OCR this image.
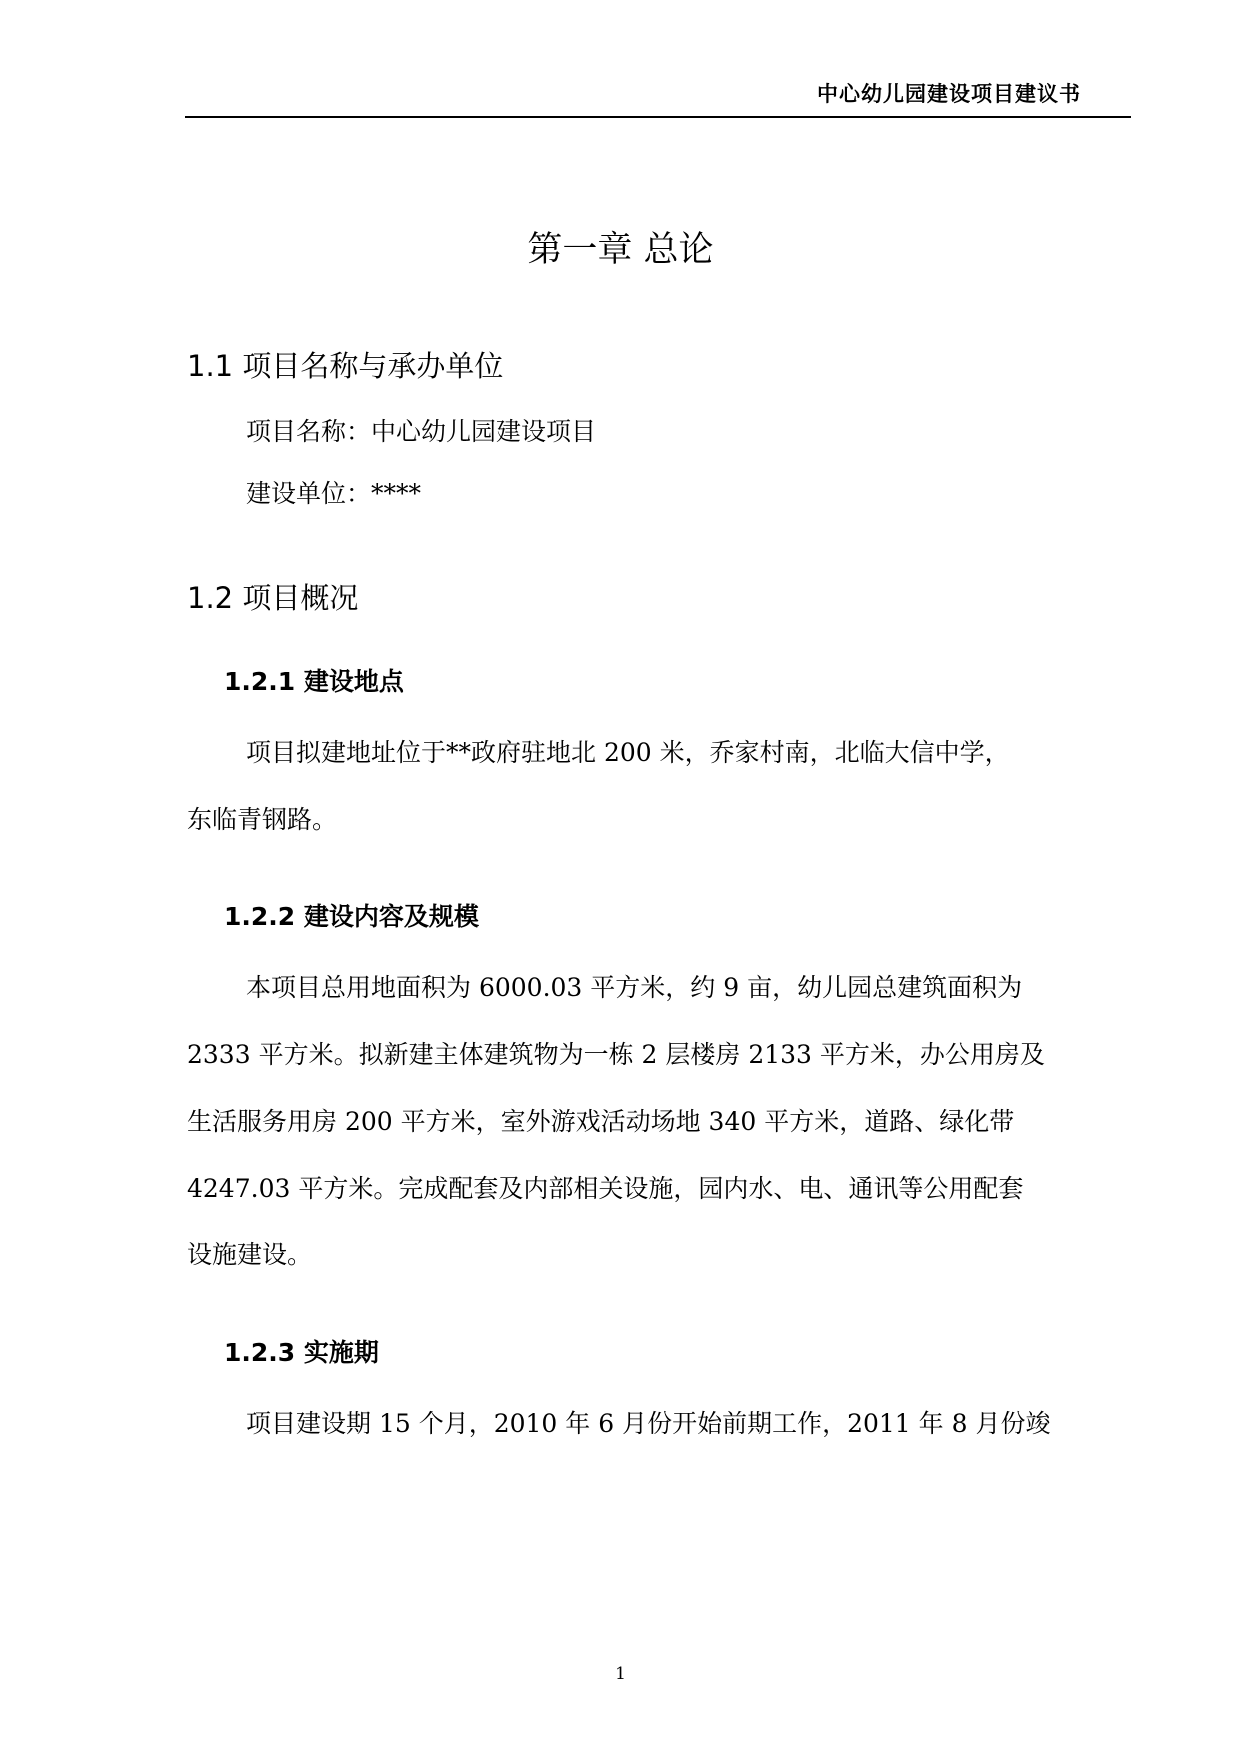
中心幼儿园建设项目建议书
第一章 总论
1.1 项目名称与承办单位
项目名称：中心幼儿园建设项目
建设单位：****
1.2 项目概况
1.2.1 建设地点
项目拟建地址位于**政府驻地北 200 米，乔家村南，北临大信中学，
东临青钢路。
1.2.2 建设内容及规模
本项目总用地面积为 6000.03 平方米，约 9 亩，幼儿园总建筑面积为
2333 平方米。拟新建主体建筑物为一栋 2 层楼房 2133 平方米，办公用房及
生活服务用房 200 平方米，室外游戏活动场地 340 平方米，道路、绿化带
4247.03 平方米。完成配套及内部相关设施，园内水、电、通讯等公用配套
设施建设。
1.2.3 实施期
项目建设期 15 个月，2010 年 6 月份开始前期工作，2011 年 8 月份竣
1
